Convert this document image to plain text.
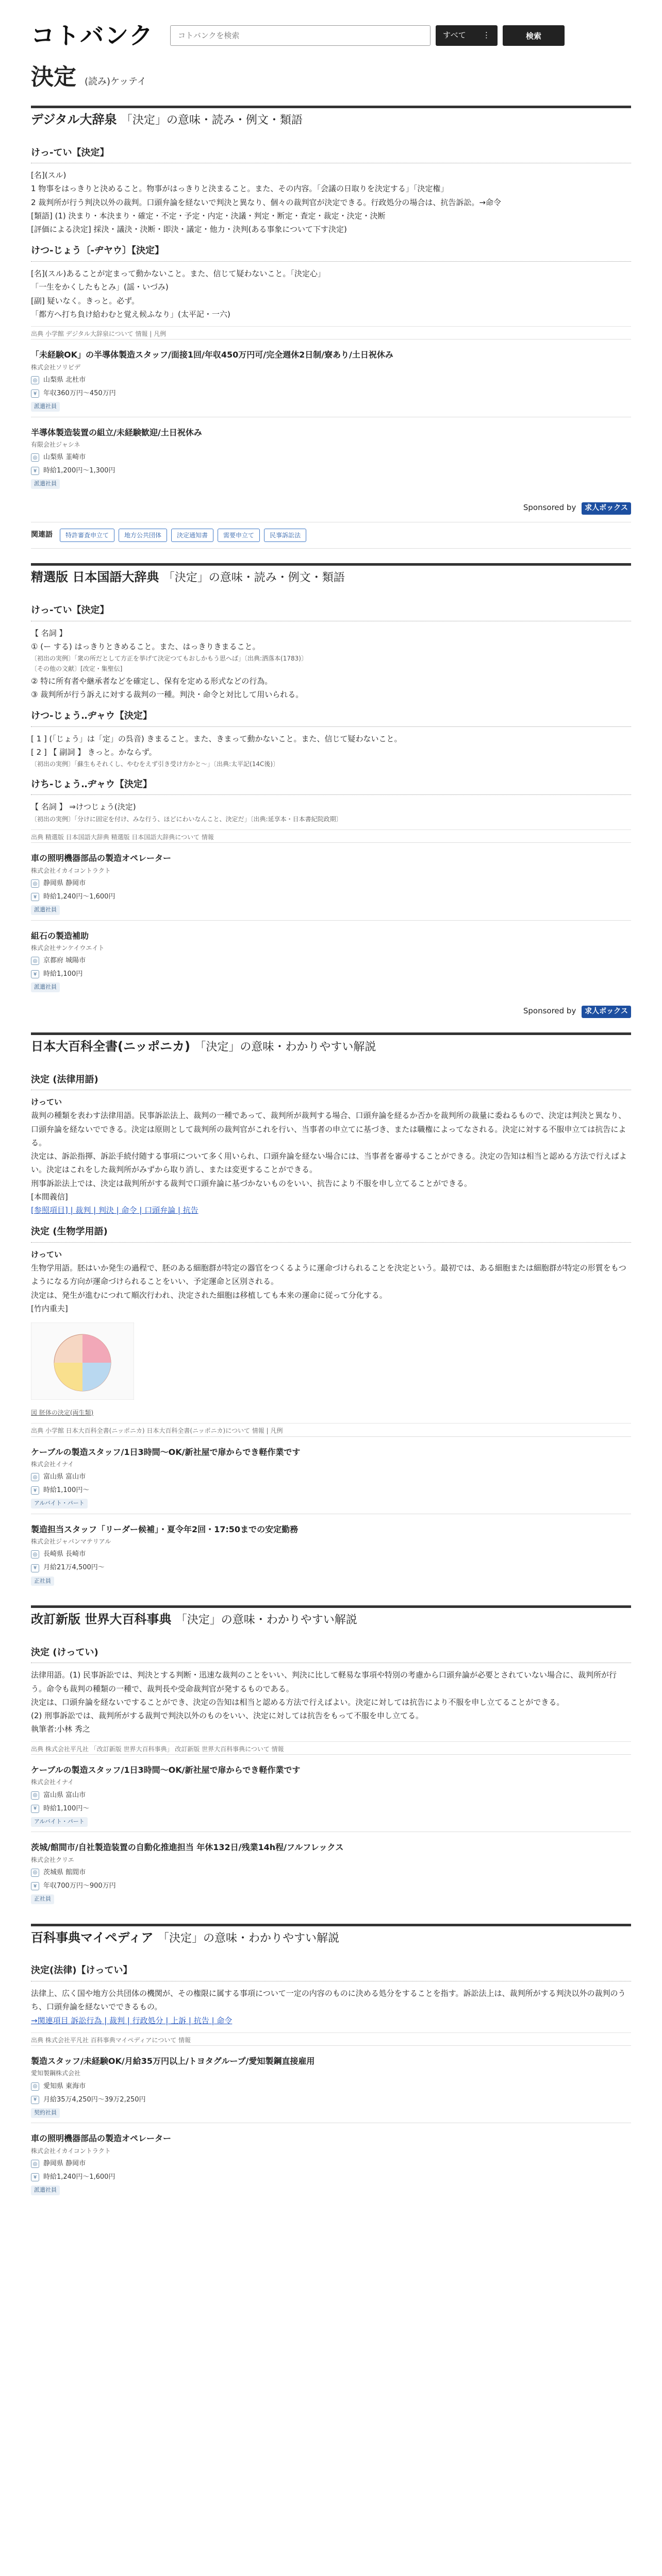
コトバンク
コトバンクを検索	すべて ⋮	検索
決定 (読み)ケッテイ
デジタル大辞泉 「決定」の意味・読み・例文・類語
けっ‐てい【決定】

[名](スル)

1 物事をはっきりと決めること。物事がはっきりと決まること。また、その内容。「会議の日取りを決定する」「決定権」

2 裁判所が行う判決以外の裁判。口頭弁論を経ないで判決と異なり、個々の裁判官が決定できる。行政処分の場合は、抗告訴訟。→命令

[類語] (1) 決まり・本決まり・確定・不定・予定・内定・決議・判定・断定・査定・裁定・決定・決断

[評価による決定] 採決・議決・決断・即決・議定・他力・決判(ある事象について下す決定)

けつ‐じょう〔‐ヂヤウ〕【決定】

[名](スル)あることが定まって動かないこと。また、信じて疑わないこと。「決定心」

「一生をかくしたもとみ」(謡・いづみ)

[副] 疑いなく。きっと。必ず。

「都方へ打ち負け給わむと覚え候ふなり」(太平記・一六)

出典 小学館 デジタル大辞泉について 情報 | 凡例
「未経験OK」の半導体製造スタッフ/面接1回/年収450万円可/完全週休2日制/寮あり/土日祝休み
株式会社ソリビデ
◎ 山梨県 北杜市
¥ 年収360万円〜450万円
派遣社員
半導体製造装置の組立/未経験歓迎/土日祝休み
有限会社ジャシネ
◎ 山梨県 韮崎市
¥ 時給1,200円〜1,300円
派遣社員
Sponsored by 求人ボックス
関連語	特許審査申立て	地方公共団体	決定通知書	需要申立て	民事訴訟法
精選版 日本国語大辞典 「決定」の意味・読み・例文・類語
けっ‐てい【決定】

【 名詞 】

① (ー する) はっきりときめること。また、はっきりきまること。

〔初出の実例〕「衆の所だとして方正を挙げて決定つてもおしかもう思へば」〔出典:洒落本(1783)〕

〔その他の文献〕[改定・集聖伝]

② 特に所有者や継承者などを確定し、保有を定める形式などの行為。

③ 裁判所が行う訴えに対する裁判の一種。判決・命令と対比して用いられる。

けつ‐じょう‥ヂャウ【決定】

[ 1 ] (「じょう」は「定」の呉音) きまること。また、きまって動かないこと。また、信じて疑わないこと。

[ 2 ] 【 副詞 】 きっと。かならず。

〔初出の実例〕「蘇生もそれくし、やむをえず引き受け方かと〜」〔出典:太平記(14C後)〕

けち‐じょう‥ヂャウ【決定】

【 名詞 】 ⇒けつじょう(決定)

〔初出の実例〕「分けに固定を付け、みな行う、ほどにわいなんこと、決定だ」〔出典:延享本・日本書紀院政期〕

出典 精選版 日本国語大辞典 精選版 日本国語大辞典について 情報
車の照明機器部品の製造オペレーター
株式会社イカイコントラクト
◎ 静岡県 静岡市
¥ 時給1,240円〜1,600円
派遣社員
組石の製造補助
株式会社サンケイウエイト
◎ 京都府 城陽市
¥ 時給1,100円
派遣社員
Sponsored by 求人ボックス
日本大百科全書(ニッポニカ) 「決定」の意味・わかりやすい解説
決定 (法律用語)

けってい

裁判の種類を表わす法律用語。民事訴訟法上、裁判の一種であって、裁判所が裁判する場合、口頭弁論を経るか否かを裁判所の裁量に委ねるもので、決定は判決と異なり、口頭弁論を経ないでできる。決定は原則として裁判所の裁判官がこれを行い、当事者の申立てに基づき、または職権によってなされる。決定に対する不服申立ては抗告による。

決定は、訴訟指揮、訴訟手続付随する事項について多く用いられ、口頭弁論を経ない場合には、当事者を審尋することができる。決定の告知は相当と認める方法で行えばよい。決定はこれをした裁判所がみずから取り消し、または変更することができる。

刑事訴訟法上では、決定は裁判所がする裁判で口頭弁論に基づかないものをいい、抗告により不服を申し立てることができる。

[本間義信]

[参照項目] | 裁判 | 判決 | 命令 | 口頭弁論 | 抗告

決定 (生物学用語)

けってい

生物学用語。胚はいか発生の過程で、胚のある細胞群が特定の器官をつくるように運命づけられることを決定という。最初では、ある細胞または細胞群が特定の形質をもつようになる方向が運命づけられることをいい、予定運命と区別される。

決定は、発生が進むにつれて順次行われ、決定された細胞は移植しても本来の運命に従って分化する。

[竹内重夫]

図 胚体の決定(両生類)

出典 小学館 日本大百科全書(ニッポニカ) 日本大百科全書(ニッポニカ)について 情報 | 凡例
ケーブルの製造スタッフ/1日3時間〜OK/新社屋で扉からでき軽作業です
株式会社イナイ
◎ 富山県 富山市
¥ 時給1,100円〜
アルバイト・パート
製造担当スタッフ「リーダー候補」・夏令年2回・17:50までの安定勤務
株式会社ジャパンマテリアル
◎ 長崎県 長崎市
¥ 月給21万4,500円〜
正社員
改訂新版 世界大百科事典 「決定」の意味・わかりやすい解説
決定 (けってい)

法律用語。(1) 民事訴訟では、判決とする判断・迅速な裁判のことをいい、判決に比して軽易な事項や特別の考慮から口頭弁論が必要とされていない場合に、裁判所が行う。命令も裁判の種類の一種で、裁判長や受命裁判官が発するものである。

決定は、口頭弁論を経ないですることができ、決定の告知は相当と認める方法で行えばよい。決定に対しては抗告により不服を申し立てることができる。

(2) 刑事訴訟では、裁判所がする裁判で判決以外のものをいい、決定に対しては抗告をもって不服を申し立てる。

執筆者:小林 秀之

出典 株式会社平凡社 「改訂新版 世界大百科事典」 改訂新版 世界大百科事典について 情報
ケーブルの製造スタッフ/1日3時間〜OK/新社屋で扉からでき軽作業です
株式会社イナイ
◎ 富山県 富山市
¥ 時給1,100円〜
アルバイト・パート
茨城/館間市/自社製造装置の自動化推進担当 年休132日/残業14h程/フルフレックス
株式会社クリエ
◎ 茨城県 館間市
¥ 年収700万円〜900万円
正社員
百科事典マイペディア 「決定」の意味・わかりやすい解説
決定(法律)【けってい】

法律上、広く国や地方公共団体の機関が、その権限に属する事項について一定の内容のものに決める処分をすることを指す。訴訟法上は、裁判所がする判決以外の裁判のうち、口頭弁論を経ないでできるもの。

→関連項目 訴訟行為 | 裁判 | 行政処分 | 上訴 | 抗告 | 命令

出典 株式会社平凡社 百科事典マイペディアについて 情報
製造スタッフ/未経験OK/月給35万円以上/トヨタグループ/愛知製鋼直接雇用
愛知製鋼株式会社
◎ 愛知県 東海市
¥ 月給35万4,250円〜39万2,250円
契約社員
車の照明機器部品の製造オペレーター
株式会社イカイコントラクト
◎ 静岡県 静岡市
¥ 時給1,240円〜1,600円
派遣社員
